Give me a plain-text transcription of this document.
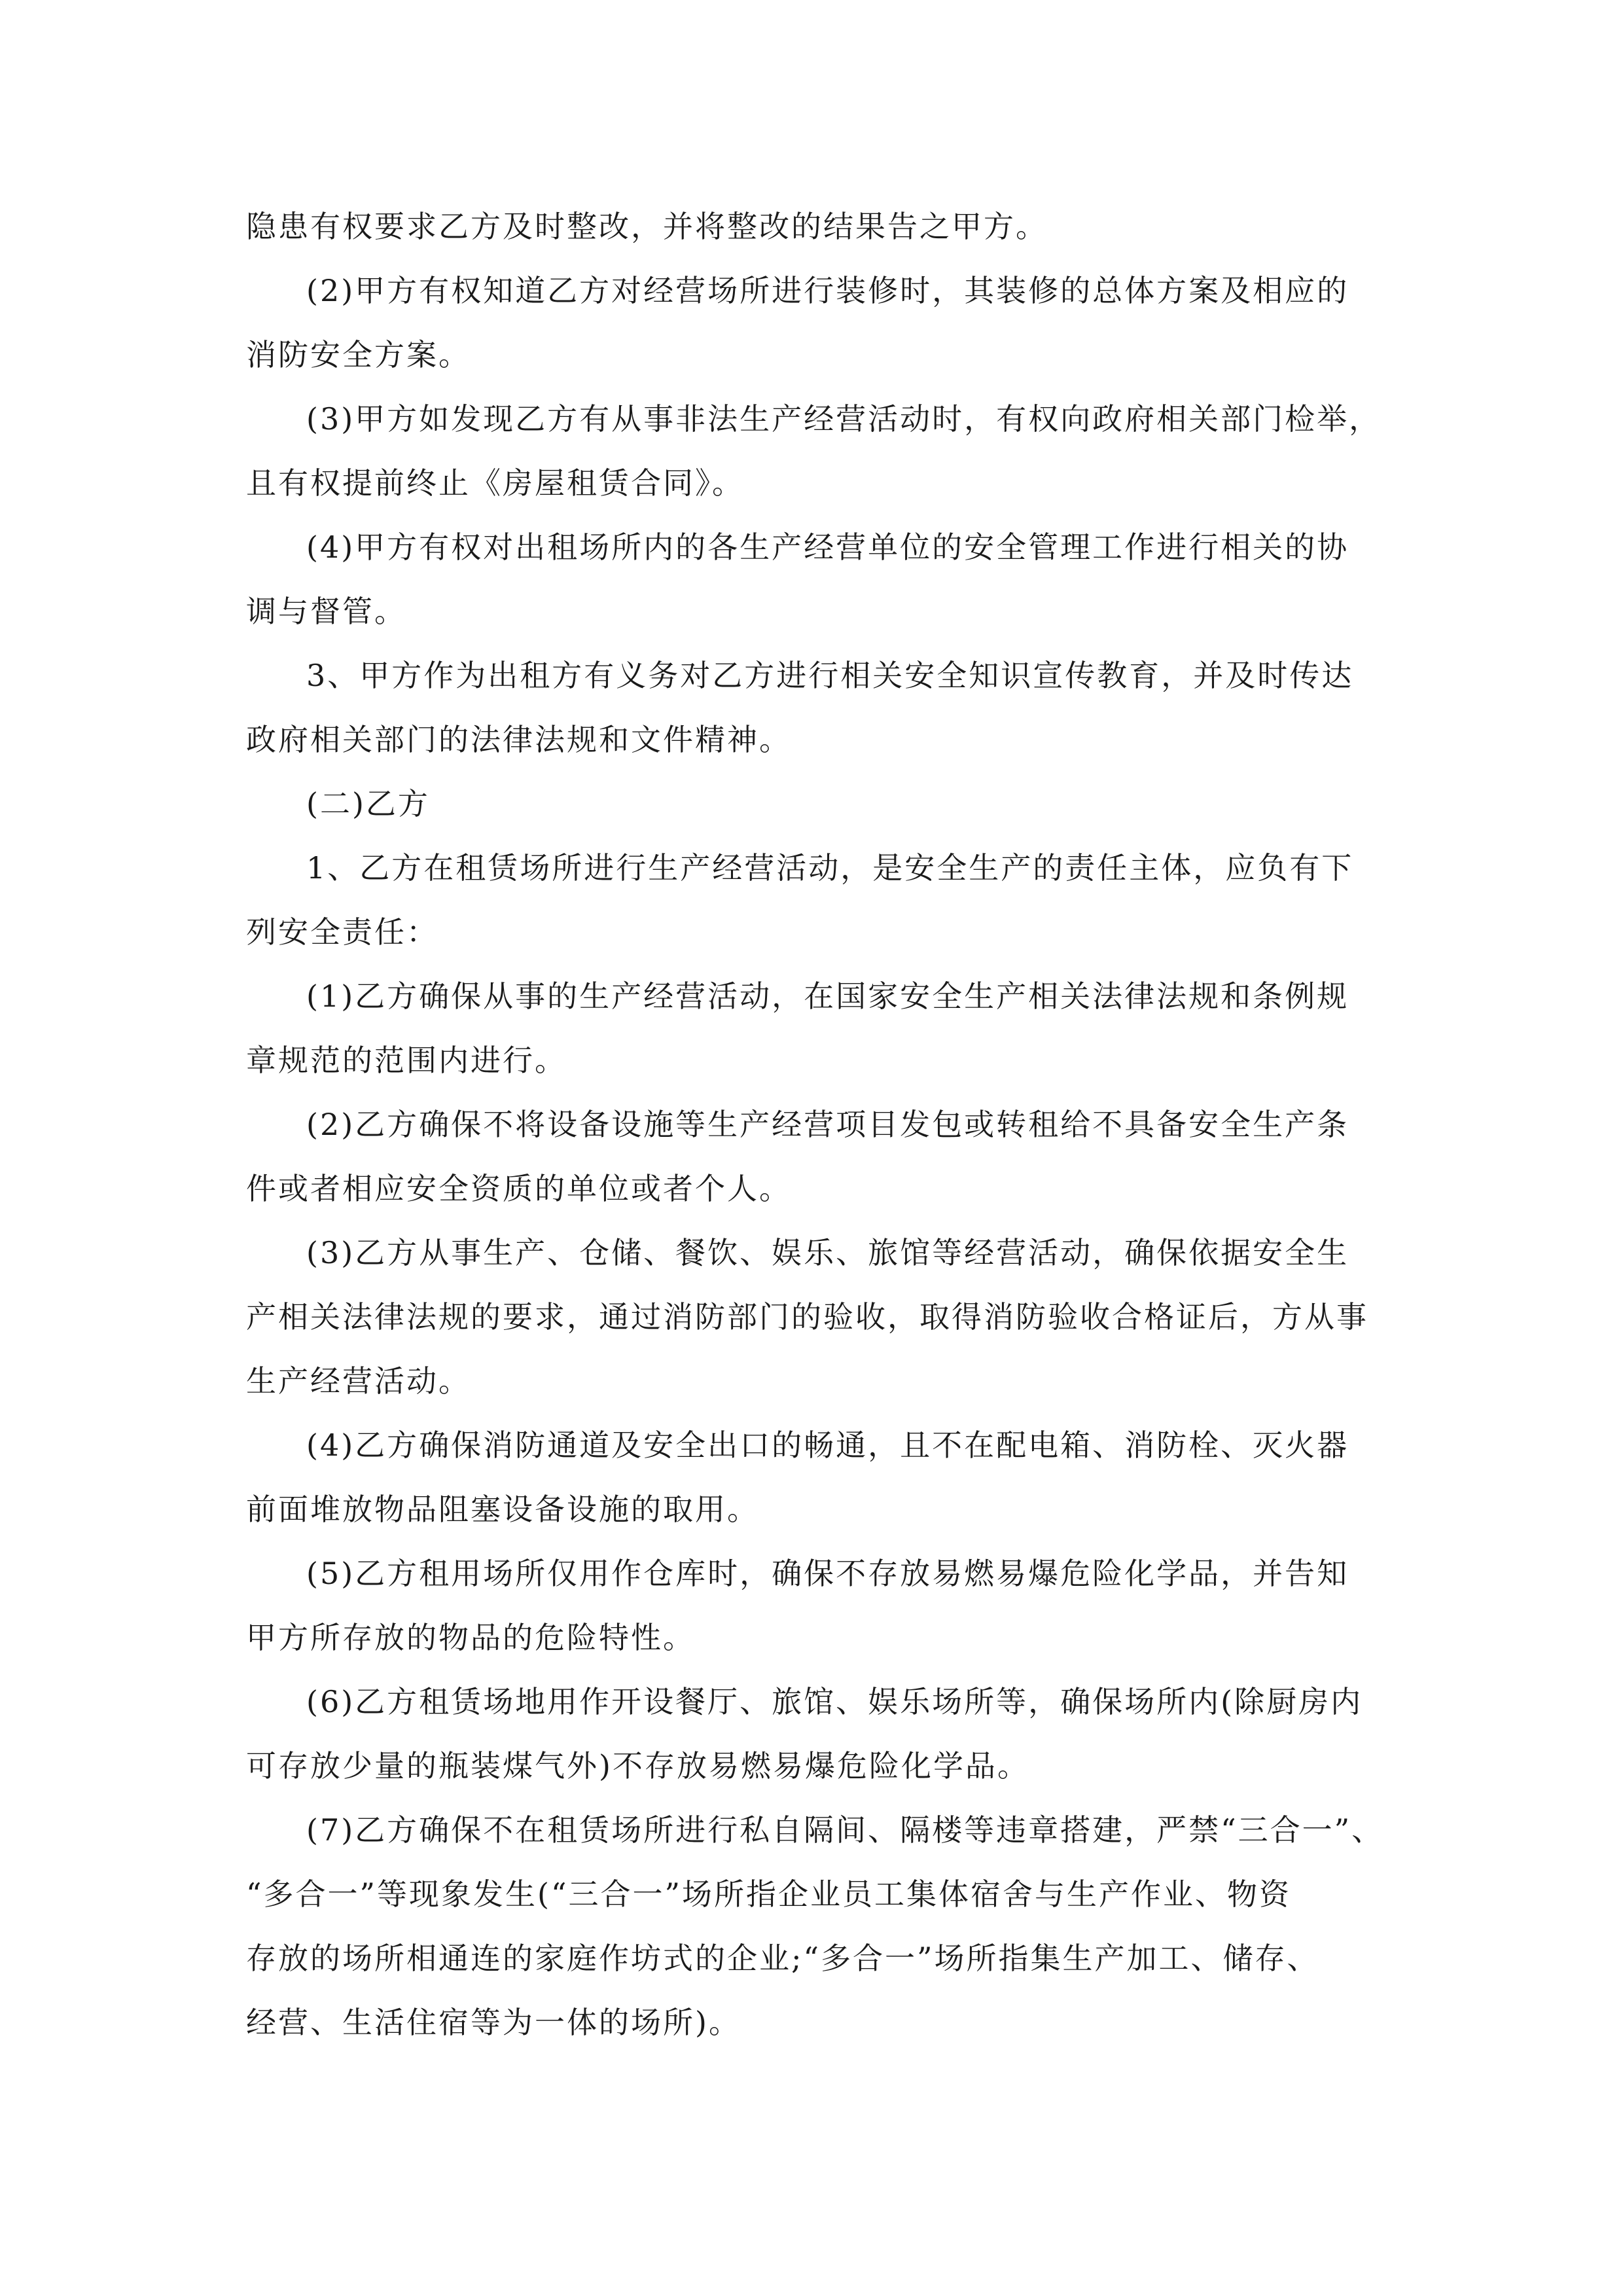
隐患有权要求乙方及时整改，并将整改的结果告之甲方。
(2)甲方有权知道乙方对经营场所进行装修时，其装修的总体方案及相应的
消防安全方案。
(3)甲方如发现乙方有从事非法生产经营活动时，有权向政府相关部门检举，
且有权提前终止《房屋租赁合同》。
(4)甲方有权对出租场所内的各生产经营单位的安全管理工作进行相关的协
调与督管。
3、甲方作为出租方有义务对乙方进行相关安全知识宣传教育，并及时传达
政府相关部门的法律法规和文件精神。
(二)乙方
1、乙方在租赁场所进行生产经营活动，是安全生产的责任主体，应负有下
列安全责任：
(1)乙方确保从事的生产经营活动，在国家安全生产相关法律法规和条例规
章规范的范围内进行。
(2)乙方确保不将设备设施等生产经营项目发包或转租给不具备安全生产条
件或者相应安全资质的单位或者个人。
(3)乙方从事生产、仓储、餐饮、娱乐、旅馆等经营活动，确保依据安全生
产相关法律法规的要求，通过消防部门的验收，取得消防验收合格证后，方从事
生产经营活动。
(4)乙方确保消防通道及安全出口的畅通，且不在配电箱、消防栓、灭火器
前面堆放物品阻塞设备设施的取用。
(5)乙方租用场所仅用作仓库时，确保不存放易燃易爆危险化学品，并告知
甲方所存放的物品的危险特性。
(6)乙方租赁场地用作开设餐厅、旅馆、娱乐场所等，确保场所内(除厨房内
可存放少量的瓶装煤气外)不存放易燃易爆危险化学品。
(7)乙方确保不在租赁场所进行私自隔间、隔楼等违章搭建，严禁“三合一”、
“多合一”等现象发生(“三合一”场所指企业员工集体宿舍与生产作业、物资
存放的场所相通连的家庭作坊式的企业;“多合一”场所指集生产加工、储存、
经营、生活住宿等为一体的场所)。
